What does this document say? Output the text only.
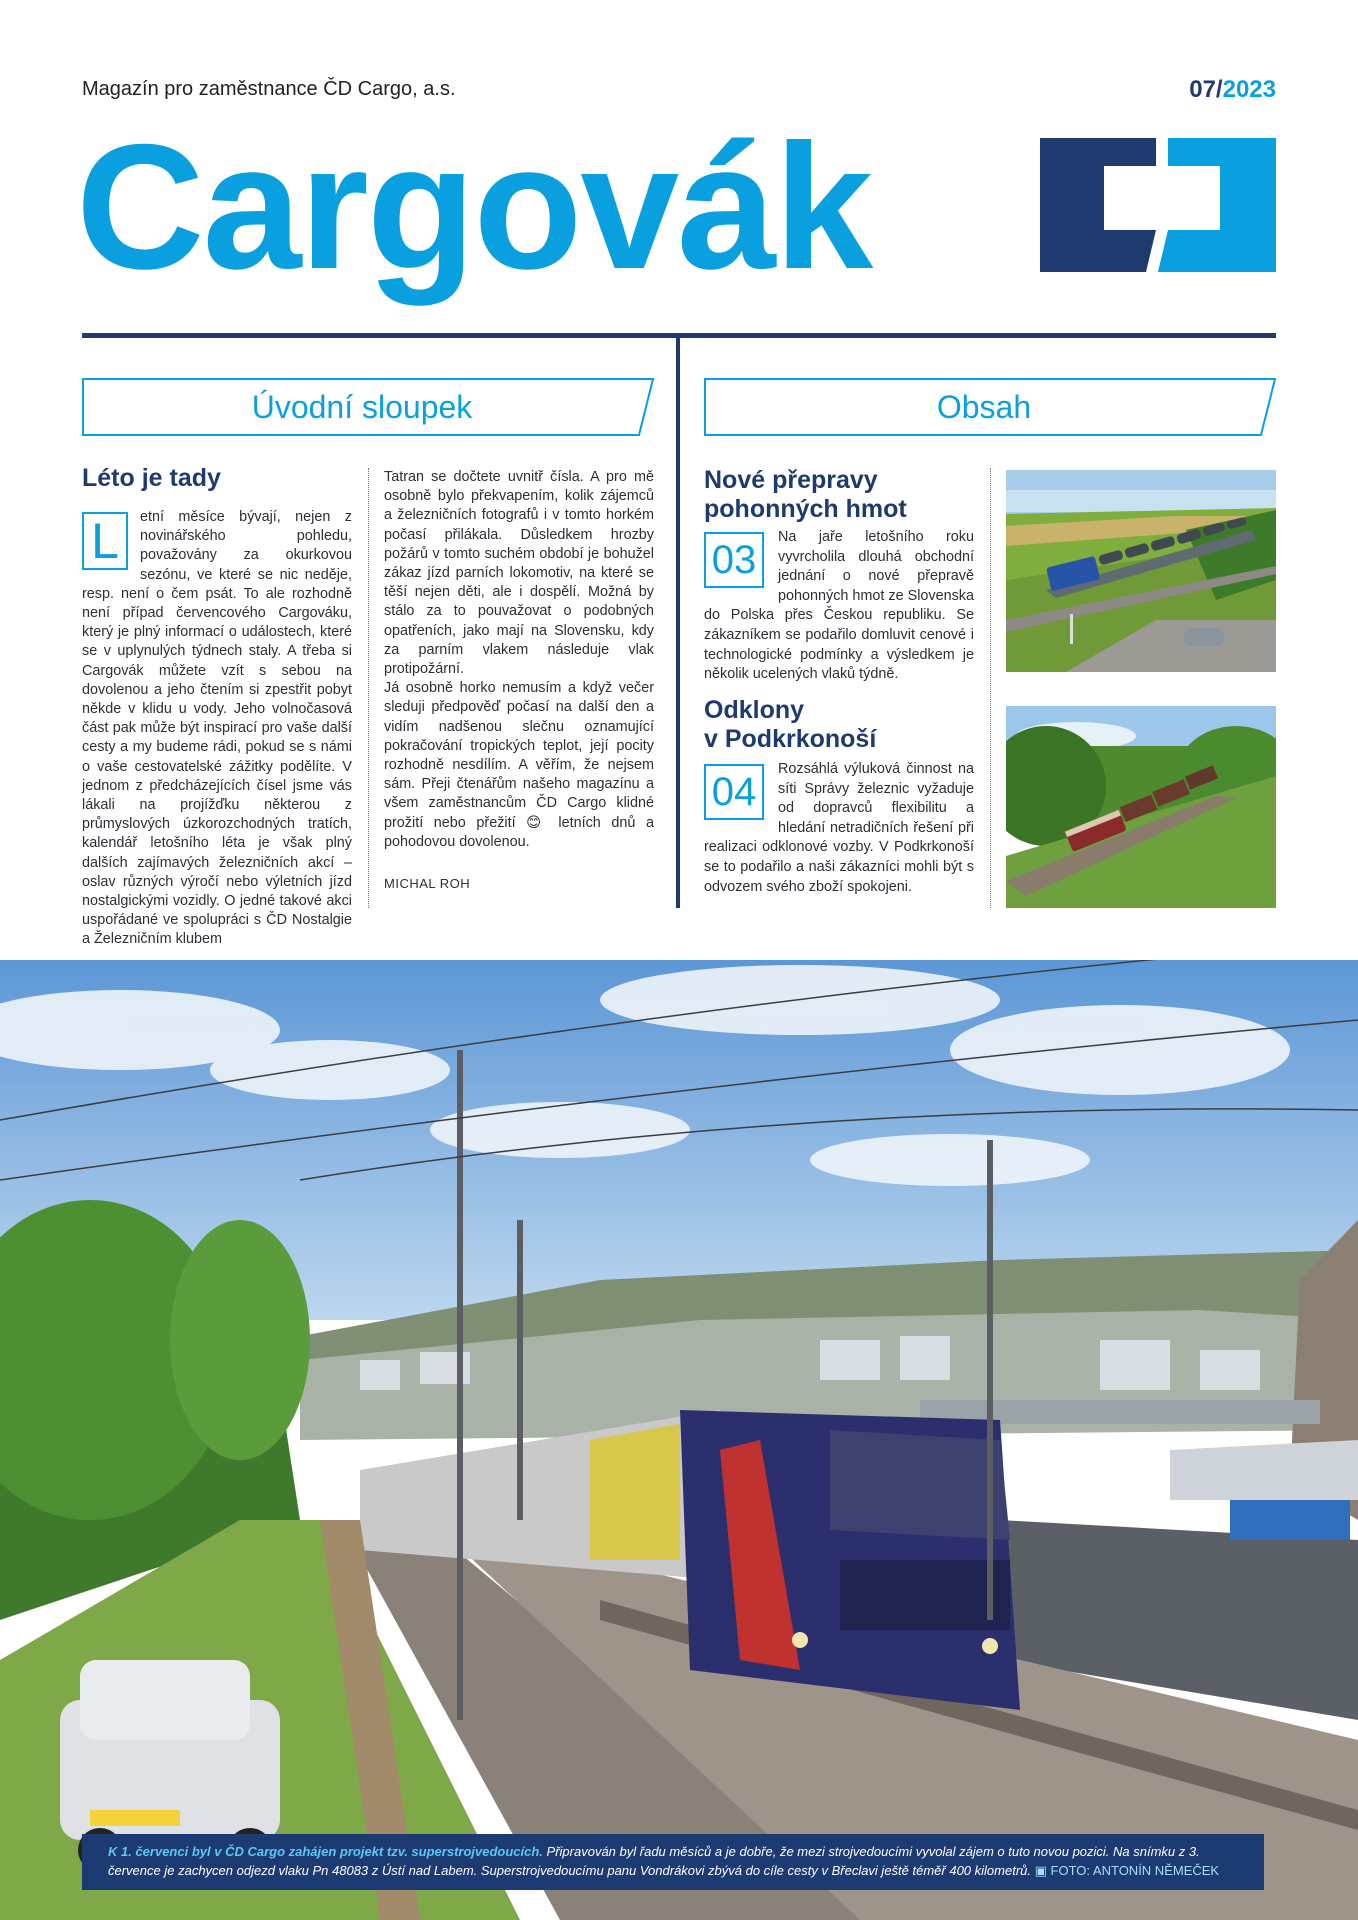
Magazín pro zaměstnance ČD Cargo, a.s.	07/2023
Cargovák
Úvodní sloupek	Obsah
Léto je tady
L	etní měsíce bývají, nejen z novinářského pohledu, považovány za okurkovou sezónu, ve které se nic neděje, resp. není o čem psát. To ale rozhodně není případ červencového Cargováku, který je plný informací o událostech, které se v uplynulých týdnech staly. A třeba si Cargovák můžete vzít s sebou na dovolenou a jeho čtením si zpestřit pobyt někde v klidu u vody. Jeho volnočasová část pak může být inspirací pro vaše další cesty a my budeme rádi, pokud se s námi o vaše cestovatelské zážitky podělíte. V jednom z předcházejících čísel jsme vás lákali na projížďku některou z průmyslových úzkorozchodných tratích, kalendář letošního léta je však plný dalších zajímavých železničních akcí – oslav různých výročí nebo výletních jízd nostalgickými vozidly. O jedné takové akci uspořádané ve spolupráci s ČD Nostalgie a Železničním klubem

Tatran se dočtete uvnitř čísla. A pro mě osobně bylo překvapením, kolik zájemců a železničních fotografů i v tomto horkém počasí přilákala. Důsledkem hrozby požárů v tomto suchém období je bohužel zákaz jízd parních lokomotiv, na které se těší nejen děti, ale i dospělí. Možná by stálo za to pouvažovat o podobných opatřeních, jako mají na Slovensku, kdy za parním vlakem následuje vlak protipožární.

Já osobně horko nemusím a když večer sleduji předpověď počasí na další den a vidím nadšenou slečnu oznamující pokračování tropických teplot, její pocity rozhodně nesdílím. A věřím, že nejsem sám. Přeji čtenářům našeho magazínu a všem zaměstnancům ČD Cargo klidné prožití nebo přežití 😊 letních dnů a pohodovou dovolenou.

MICHAL ROH

Nové přepravy
pohonných hmot
03
Na jaře letošního roku vyvrcholila dlouhá obchodní jednání o nové přepravě pohonných hmot ze Slovenska do Polska přes Českou republiku. Se zákazníkem se podařilo domluvit cenové i technologické podmínky a výsledkem je několik ucelených vlaků týdně.
Odklony
v Podkrkonoší
04
Rozsáhlá výluková činnost na síti Správy železnic vyžaduje od dopravců flexibilitu a hledání netradičních řešení při realizaci odklonové vozby. V Podkrkonoší se to podařilo a naši zákazníci mohli být s odvozem svého zboží spokojeni.
K 1. červenci byl v ČD Cargo zahájen projekt tzv. superstrojvedoucích. Připravován byl řadu měsíců a je dobře, že mezi strojvedoucími vyvolal zájem o tuto novou pozici. Na snímku z 3. července je zachycen odjezd vlaku Pn 48083 z Ústí nad Labem. Superstrojvedoucímu panu Vondrákovi zbývá do cíle cesty v Břeclavi ještě téměř 400 kilometrů. ▣ FOTO: ANTONÍN NĚMEČEK
